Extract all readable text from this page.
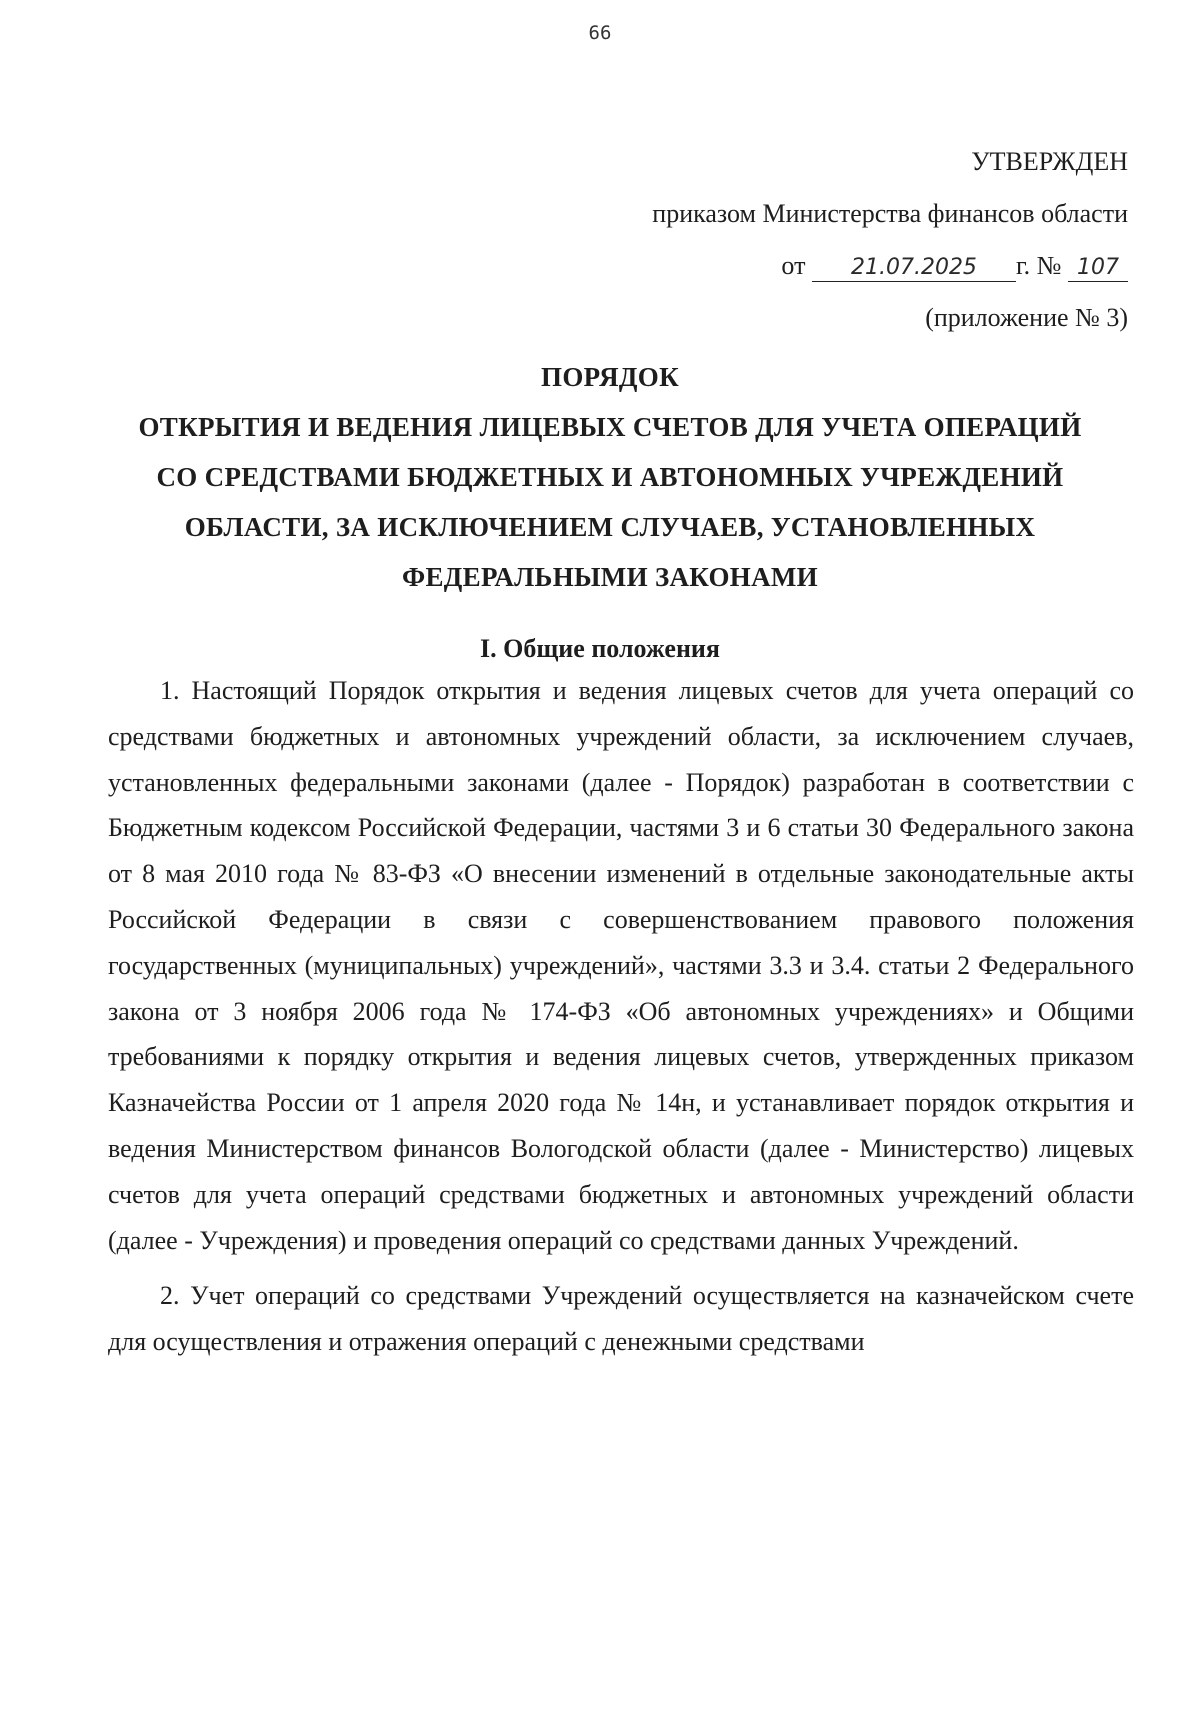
66
УТВЕРЖДЕН
приказом Министерства финансов области
от 21.07.2025 г. № 107
(приложение № 3)
ПОРЯДОК
ОТКРЫТИЯ И ВЕДЕНИЯ ЛИЦЕВЫХ СЧЕТОВ ДЛЯ УЧЕТА ОПЕРАЦИЙ
СО СРЕДСТВАМИ БЮДЖЕТНЫХ И АВТОНОМНЫХ УЧРЕЖДЕНИЙ
ОБЛАСТИ, ЗА ИСКЛЮЧЕНИЕМ СЛУЧАЕВ, УСТАНОВЛЕННЫХ
ФЕДЕРАЛЬНЫМИ ЗАКОНАМИ
I. Общие положения

1. Настоящий Порядок открытия и ведения лицевых счетов для учета операций со средствами бюджетных и автономных учреждений области, за исключением случаев, установленных федеральными законами (далее - Порядок) разработан в соответствии с Бюджетным кодексом Российской Федерации, частями 3 и 6 статьи 30 Федерального закона от 8 мая 2010 года № 83-ФЗ «О внесении изменений в отдельные законодательные акты Российской Федерации в связи с совершенствованием правового положения государственных (муниципальных) учреждений», частями 3.3 и 3.4. статьи 2 Федерального закона от 3 ноября 2006 года № 174-ФЗ «Об автономных учреждениях» и Общими требованиями к порядку открытия и ведения лицевых счетов, утвержденных приказом Казначейства России от 1 апреля 2020 года № 14н, и устанавливает порядок открытия и ведения Министерством финансов Вологодской области (далее - Министерство) лицевых счетов для учета операций средствами бюджетных и автономных учреждений области (далее - Учреждения) и проведения операций со средствами данных Учреждений.

2. Учет операций со средствами Учреждений осуществляется на казначейском счете для осуществления и отражения операций с денежными средствами
